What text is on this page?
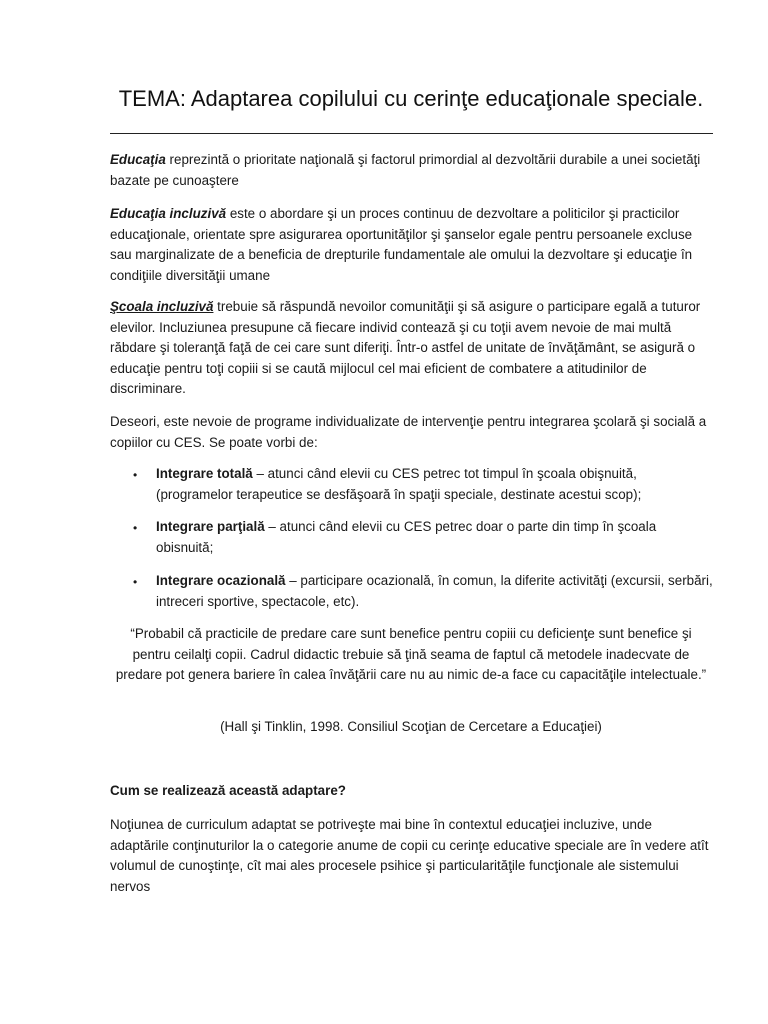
TEMA: Adaptarea copilului cu cerinţe educaţionale speciale.

Educaţia reprezintă o prioritate naţională şi factorul primordial al dezvoltării durabile a unei societăţi bazate pe cunoaştere

Educaţia incluzivă este o abordare şi un proces continuu de dezvoltare a politicilor şi practicilor educaţionale, orientate spre asigurarea oportunităţilor şi şanselor egale pentru persoanele excluse sau marginalizate de a beneficia de drepturile fundamentale ale omului la dezvoltare şi educaţie în condiţiile diversităţii umane

Şcoala incluzivă trebuie să răspundă nevoilor comunităţii şi să asigure o participare egală a tuturor elevilor. Incluziunea presupune că fiecare individ contează şi cu toţii avem nevoie de mai multă răbdare şi toleranţă faţă de cei care sunt diferiţi. Într-o astfel de unitate de învăţământ, se asigură o educaţie pentru toţi copiii si se caută mijlocul cel mai eficient de combatere a atitudinilor de discriminare.

Deseori, este nevoie de programe individualizate de intervenţie pentru integrarea şcolară şi socială a copiilor cu CES. Se poate vorbi de:

• Integrare totală – atunci când elevii cu CES petrec tot timpul în şcoala obişnuită, (programelor terapeutice se desfăşoară în spaţii speciale, destinate acestui scop);

• Integrare parţială – atunci când elevii cu CES petrec doar o parte din timp în şcoala obisnuită;

• Integrare ocazională – participare ocazională, în comun, la diferite activităţi (excursii, serbări, intreceri sportive, spectacole, etc).

“Probabil că practicile de predare care sunt benefice pentru copiii cu deficienţe sunt benefice şi pentru ceilalţi copii. Cadrul didactic trebuie să ţină seama de faptul că metodele inadecvate de predare pot genera bariere în calea învăţării care nu au nimic de-a face cu capacităţile intelectuale.”

(Hall şi Tinklin, 1998. Consiliul Scoţian de Cercetare a Educaţiei)

Cum se realizează această adaptare?

Noţiunea de curriculum adaptat se potriveşte mai bine în contextul educaţiei incluzive, unde adaptările conţinuturilor la o categorie anume de copii cu cerinţe educative speciale are în vedere atît volumul de cunoştinţe, cît mai ales procesele psihice şi particularităţile funcţionale ale sistemului nervos
